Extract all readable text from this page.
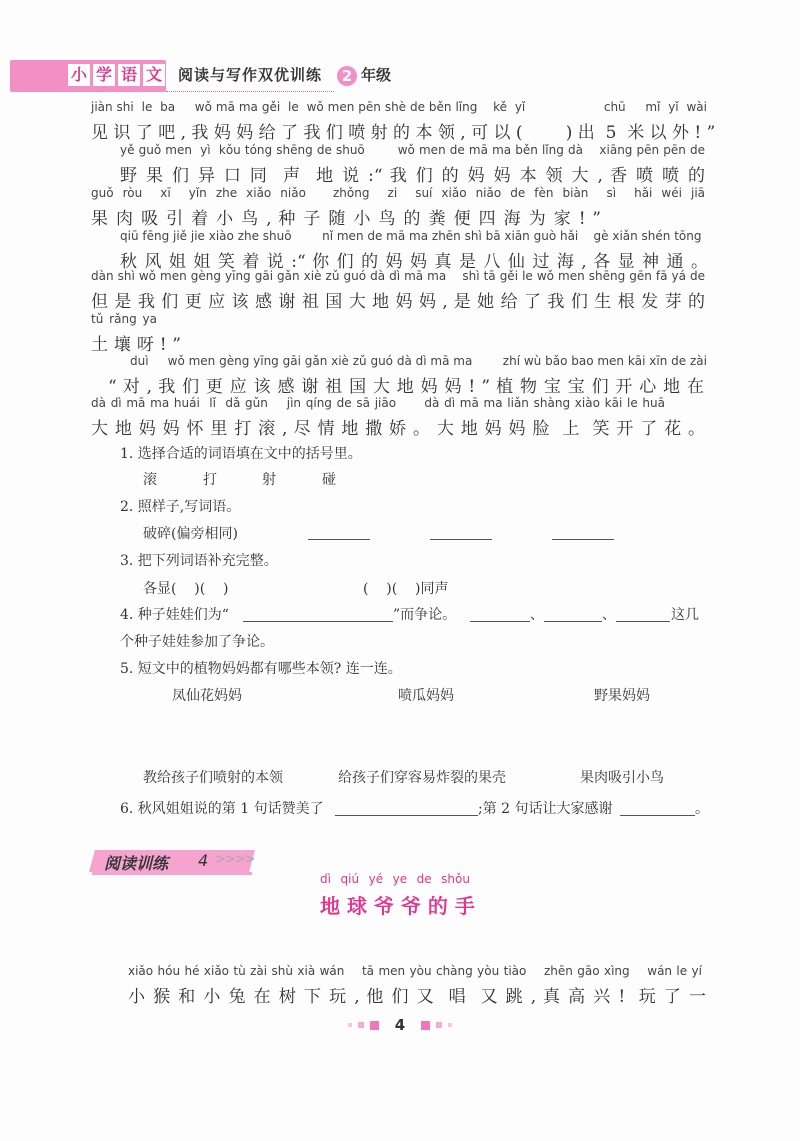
小 学 语 文 阅读与写作双优训练	2 年级
jiàn shi  le  ba     wǒ mā ma gěi  le  wǒ men pēn shè de běn lǐng    kě  yǐ                    chū     mǐ  yǐ  wài
见 识 了 吧 , 我 妈 妈 给 了 我 们 喷 射 的 本 领 , 可 以 (        ) 出  5  米 以 外 ! ”
yě guǒ men  yì  kǒu tóng shēng de shuō        wǒ men de mā ma běn lǐng dà    xiāng pēn pēn de
野 果 们 异 口 同  声  地 说 :“ 我 们 的 妈 妈 本 领 大 , 香 喷 喷 的
guǒ ròu  xī  yǐn zhe xiǎo niǎo   zhǒng  zi  suí xiǎo niǎo de fèn biàn  sì  hǎi wéi jiā
果 肉 吸 引 着 小 鸟 , 种 子 随 小 鸟 的 粪 便 四 海 为 家 ! ”
qiū fēng jiě jie xiào zhe shuō        nǐ men de mā ma zhēn shì bā xiān guò hǎi    gè xiǎn shén tōng
秋 风 姐 姐 笑 着 说 :“ 你 们 的 妈 妈 真 是 八 仙 过 海 , 各 显 神 通 。
dàn shì wǒ men gèng yīng gāi gǎn xiè zǔ guó dà dì mā ma    shì tā gěi le wǒ men shēng gēn fā yá de
但 是 我 们 更 应 该 感 谢 祖 国 大 地 妈 妈 , 是 她 给 了 我 们 生 根 发 芽 的
tǔ rǎng ya
土 壤 呀 ! ”
duì     wǒ men gèng yīng gāi gǎn xiè zǔ guó dà dì mā ma        zhí wù bǎo bao men kāi xīn de zài
“ 对 , 我 们 更 应 该 感 谢 祖 国 大 地 妈 妈 ! ” 植 物 宝 宝 们 开 心 地 在
dà dì mā ma huái  lǐ  dǎ gǔn    jìn qíng de sā jiāo      dà dì mā ma liǎn shàng xiào kāi le huā
大 地 妈 妈 怀 里 打 滚 , 尽 情 地 撒 娇 。 大 地 妈 妈 脸  上  笑 开 了 花 。
1. 选择合适的词语填在文中的括号里。
滚	打	射	碰
2. 照样子,写词语。
破碎(偏旁相同)
3. 把下列词语补充完整。
各显(    )(    )	(    )(    )同声
4. 种子娃娃们为“	”而争论。	、	、	这几
个种子娃娃参加了争论。
5. 短文中的植物妈妈都有哪些本领? 连一连。
凤仙花妈妈	喷瓜妈妈	野果妈妈
教给孩子们喷射的本领	给孩子们穿容易炸裂的果壳	果肉吸引小鸟
6. 秋风姐姐说的第 1 句话赞美了	;第 2 句话让大家感谢	。
阅读训练 4 >>>>
dì  qiú  yé  ye  de  shǒu
地 球 爷 爷 的 手
xiǎo hóu hé xiǎo tù zài shù xià wán    tā men yòu chàng yòu tiào    zhēn gāo xìng    wán le yí
小 猴 和 小 兔 在 树 下 玩 , 他 们 又  唱  又 跳 , 真 高 兴 !  玩 了 一
4
